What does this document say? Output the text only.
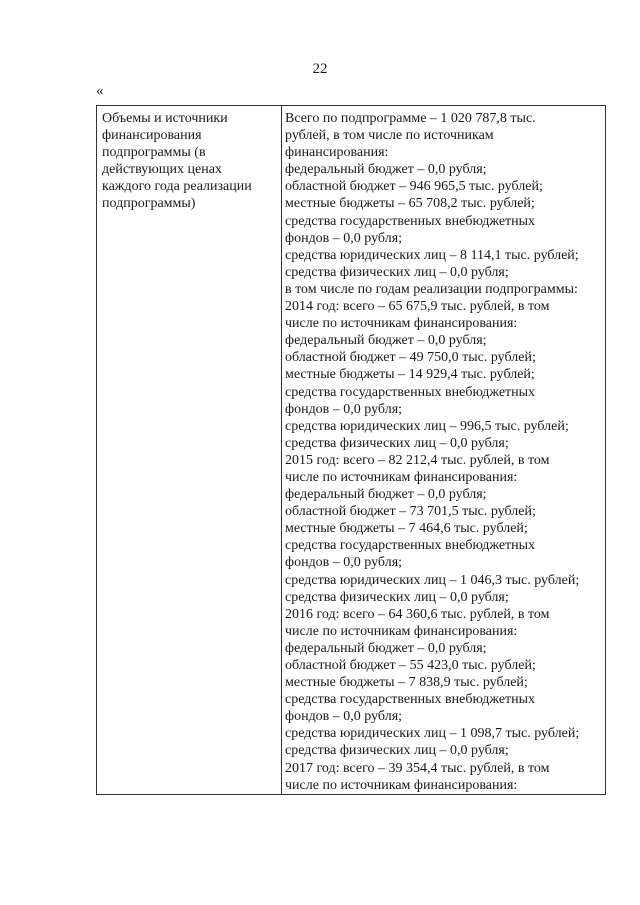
22
«
Объемы и источники
финансирования
подпрограммы (в
действующих ценах
каждого года реализации
подпрограммы)

Всего по подпрограмме – 1 020 787,8 тыс.
рублей, в том числе по источникам
финансирования:
федеральный бюджет – 0,0 рубля;
областной бюджет – 946 965,5 тыс. рублей;
местные бюджеты – 65 708,2 тыс. рублей;
средства государственных внебюджетных
фондов – 0,0 рубля;
средства юридических лиц – 8 114,1 тыс. рублей;
средства физических лиц – 0,0 рубля;
в том числе по годам реализации подпрограммы:
2014 год: всего – 65 675,9 тыс. рублей, в том
числе по источникам финансирования:
федеральный бюджет – 0,0 рубля;
областной бюджет – 49 750,0 тыс. рублей;
местные бюджеты – 14 929,4 тыс. рублей;
средства государственных внебюджетных
фондов – 0,0 рубля;
средства юридических лиц – 996,5 тыс. рублей;
средства физических лиц – 0,0 рубля;
2015 год: всего – 82 212,4 тыс. рублей, в том
числе по источникам финансирования:
федеральный бюджет – 0,0 рубля;
областной бюджет – 73 701,5 тыс. рублей;
местные бюджеты – 7 464,6 тыс. рублей;
средства государственных внебюджетных
фондов – 0,0 рубля;
средства юридических лиц – 1 046,3 тыс. рублей;
средства физических лиц – 0,0 рубля;
2016 год: всего – 64 360,6 тыс. рублей, в том
числе по источникам финансирования:
федеральный бюджет – 0,0 рубля;
областной бюджет – 55 423,0 тыс. рублей;
местные бюджеты – 7 838,9 тыс. рублей;
средства государственных внебюджетных
фондов – 0,0 рубля;
средства юридических лиц – 1 098,7 тыс. рублей;
средства физических лиц – 0,0 рубля;
2017 год: всего – 39 354,4 тыс. рублей, в том
числе по источникам финансирования:
